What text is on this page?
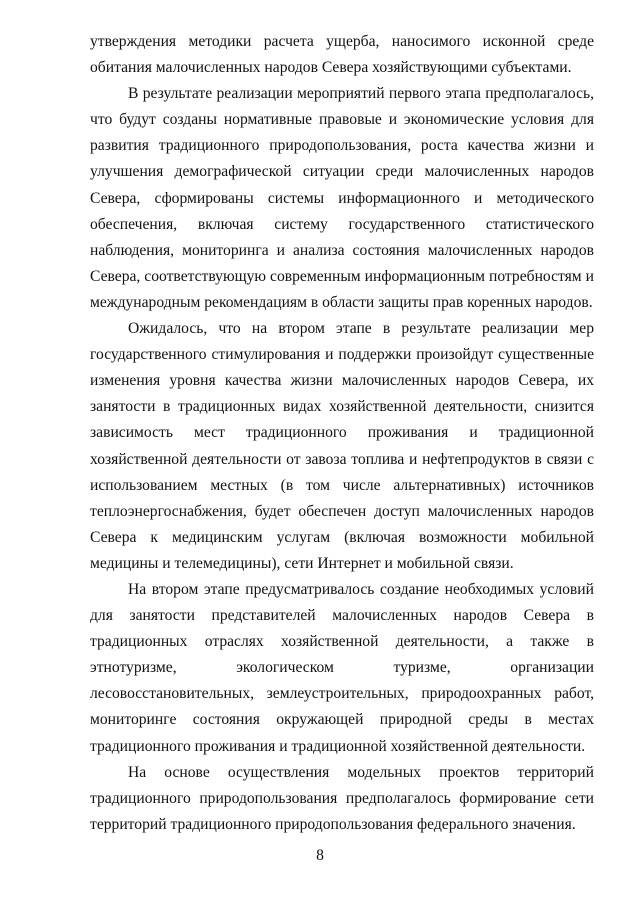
утверждения методики расчета ущерба, наносимого исконной среде обитания малочисленных народов Севера хозяйствующими субъектами.

В результате реализации мероприятий первого этапа предполагалось, что будут созданы нормативные правовые и экономические условия для развития традиционного природопользования, роста качества жизни и улучшения демографической ситуации среди малочисленных народов Севера, сформированы системы информационного и методического обеспечения, включая систему государственного статистического наблюдения, мониторинга и анализа состояния малочисленных народов Севера, соответствующую современным информационным потребностям и международным рекомендациям в области защиты прав коренных народов.

Ожидалось, что на втором этапе в результате реализации мер государственного стимулирования и поддержки произойдут существенные изменения уровня качества жизни малочисленных народов Севера, их занятости в традиционных видах хозяйственной деятельности, снизится зависимость мест традиционного проживания и традиционной хозяйственной деятельности от завоза топлива и нефтепродуктов в связи с использованием местных (в том числе альтернативных) источников теплоэнергоснабжения, будет обеспечен доступ малочисленных народов Севера к медицинским услугам (включая возможности мобильной медицины и телемедицины), сети Интернет и мобильной связи.

На втором этапе предусматривалось создание необходимых условий для занятости представителей малочисленных народов Севера в традиционных отраслях хозяйственной деятельности, а также в этнотуризме, экологическом туризме, организации лесовосстановительных, землеустроительных, природоохранных работ, мониторинге состояния окружающей природной среды в местах традиционного проживания и традиционной хозяйственной деятельности.

На основе осуществления модельных проектов территорий традиционного природопользования предполагалось формирование сети территорий традиционного природопользования федерального значения.

8
